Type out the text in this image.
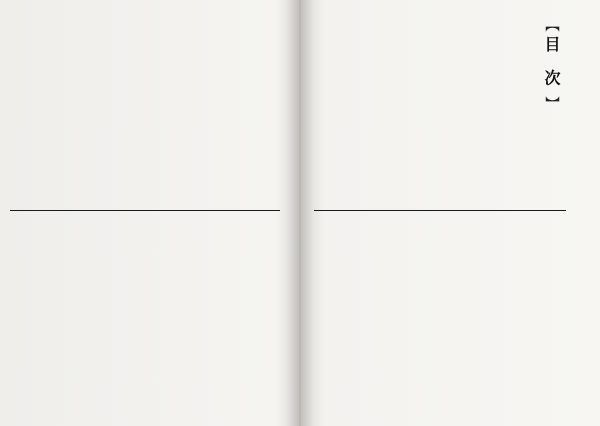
【
目 次
】
